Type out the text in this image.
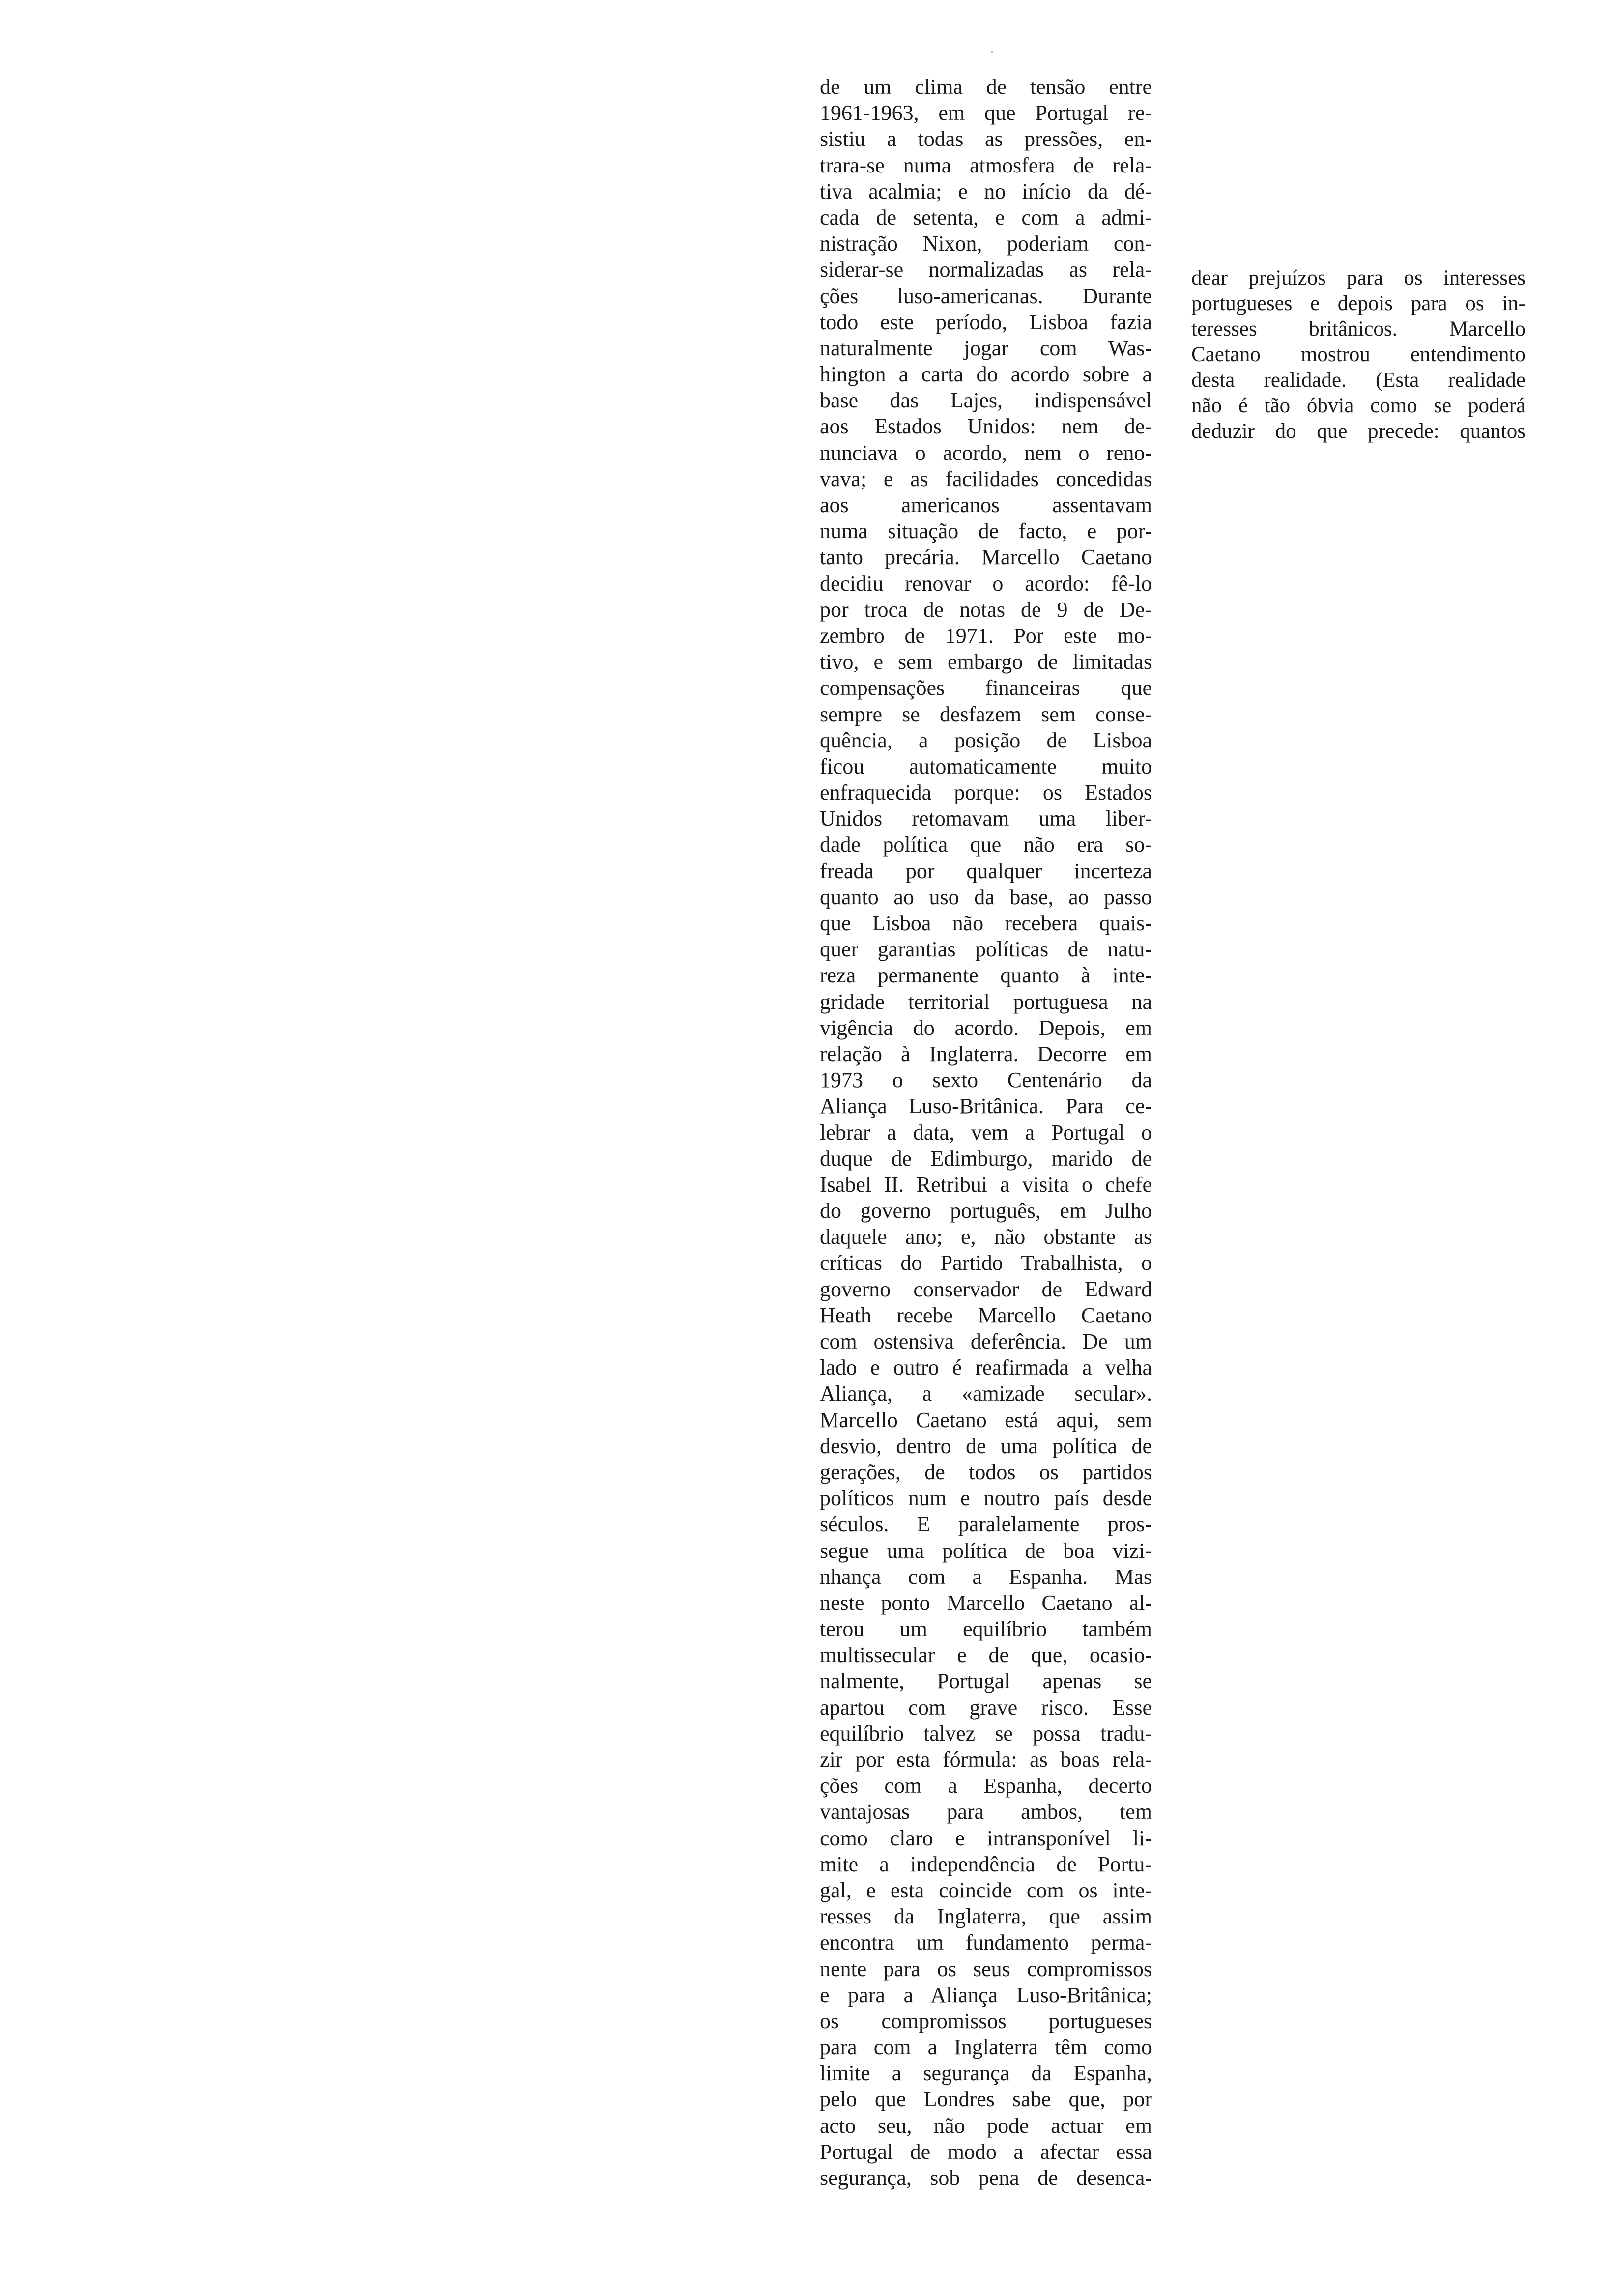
de um clima de tensão entre
1961-1963, em que Portugal re-
sistiu a todas as pressões, en-
trara-se numa atmosfera de rela-
tiva acalmia; e no início da dé-
cada de setenta, e com a admi-
nistração Nixon, poderiam con-
siderar-se normalizadas as rela-
ções luso-americanas. Durante
todo este período, Lisboa fazia
naturalmente jogar com Was-
hington a carta do acordo sobre a
base das Lajes, indispensável
aos Estados Unidos: nem de-
nunciava o acordo, nem o reno-
vava; e as facilidades concedidas
aos americanos assentavam
numa situação de facto, e por-
tanto precária. Marcello Caetano
decidiu renovar o acordo: fê-lo
por troca de notas de 9 de De-
zembro de 1971. Por este mo-
tivo, e sem embargo de limitadas
compensações financeiras que
sempre se desfazem sem conse-
quência, a posição de Lisboa
ficou automaticamente muito
enfraquecida porque: os Estados
Unidos retomavam uma liber-
dade política que não era so-
freada por qualquer incerteza
quanto ao uso da base, ao passo
que Lisboa não recebera quais-
quer garantias políticas de natu-
reza permanente quanto à inte-
gridade territorial portuguesa na
vigência do acordo. Depois, em
relação à Inglaterra. Decorre em
1973 o sexto Centenário da
Aliança Luso-Britânica. Para ce-
lebrar a data, vem a Portugal o
duque de Edimburgo, marido de
Isabel II. Retribui a visita o chefe
do governo português, em Julho
daquele ano; e, não obstante as
críticas do Partido Trabalhista, o
governo conservador de Edward
Heath recebe Marcello Caetano
com ostensiva deferência. De um
lado e outro é reafirmada a velha
Aliança, a «amizade secular».
Marcello Caetano está aqui, sem
desvio, dentro de uma política de
gerações, de todos os partidos
políticos num e noutro país desde
séculos. E paralelamente pros-
segue uma política de boa vizi-
nhança com a Espanha. Mas
neste ponto Marcello Caetano al-
terou um equilíbrio também
multissecular e de que, ocasio-
nalmente, Portugal apenas se
apartou com grave risco. Esse
equilíbrio talvez se possa tradu-
zir por esta fórmula: as boas rela-
ções com a Espanha, decerto
vantajosas para ambos, tem
como claro e intransponível li-
mite a independência de Portu-
gal, e esta coincide com os inte-
resses da Inglaterra, que assim
encontra um fundamento perma-
nente para os seus compromissos
e para a Aliança Luso-Britânica;
os compromissos portugueses
para com a Inglaterra têm como
limite a segurança da Espanha,
pelo que Londres sabe que, por
acto seu, não pode actuar em
Portugal de modo a afectar essa
segurança, sob pena de desenca-
dear prejuízos para os interesses
portugueses e depois para os in-
teresses britânicos. Marcello
Caetano mostrou entendimento
desta realidade. (Esta realidade
não é tão óbvia como se poderá
deduzir do que precede: quantos
